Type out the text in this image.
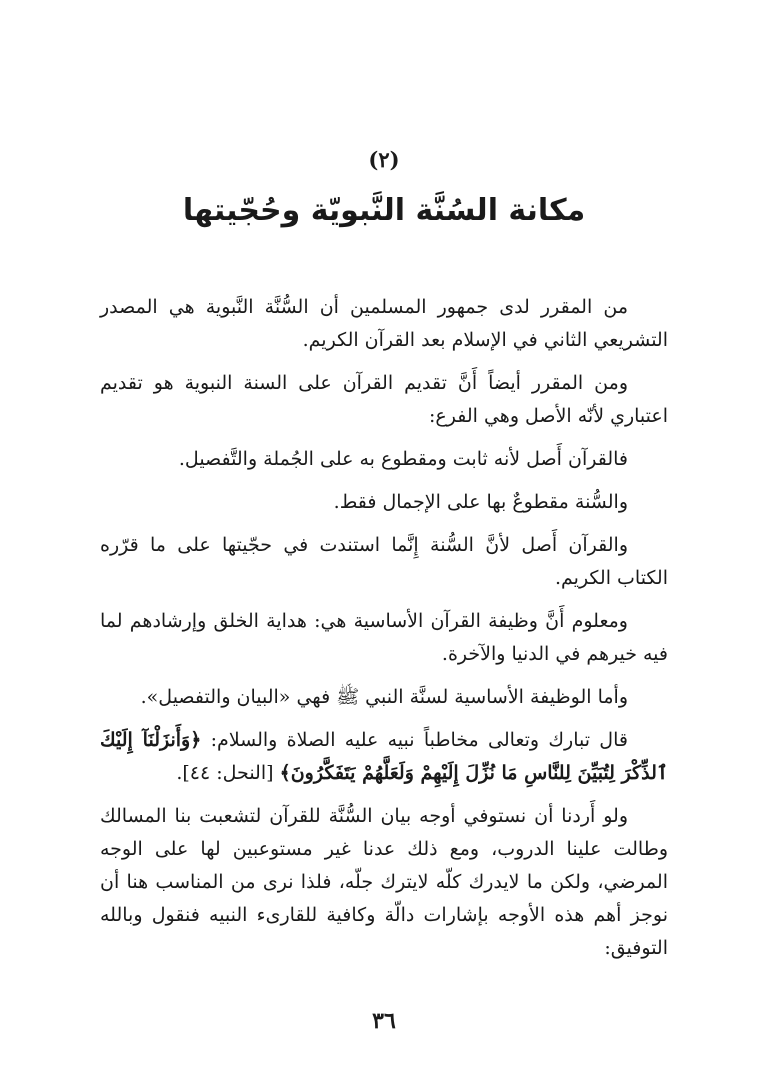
(٢)
مكانة السُنَّة النَّبويّة وحُجّيتها

من المقرر لدى جمهور المسلمين أن السُّنَّة النَّبوية هي المصدر التشريعي الثاني في الإسلام بعد القرآن الكريم.

ومن المقرر أيضاً أَنَّ تقديم القرآن على السنة النبوية هو تقديم اعتباري لأنّه الأصل وهي الفرع:

فالقرآن أَصل لأنه ثابت ومقطوع به على الجُملة والتَّفصيل.

والسُّنة مقطوعٌ بها على الإجمال فقط.

والقرآن أَصل لأنَّ السُّنة إِنَّما استندت في حجّيتها على ما قرّره الكتاب الكريم.

ومعلوم أَنَّ وظيفة القرآن الأساسية هي: هداية الخلق وإرشادهم لما فيه خيرهم في الدنيا والآخرة.

وأما الوظيفة الأساسية لسنَّة النبي ﷺ فهي «البيان والتفصيل».

قال تبارك وتعالى مخاطباً نبيه عليه الصلاة والسلام: ﴿وَأَنزَلْنَآ إِلَيْكَ ٱلذِّكْرَ لِتُبَيِّنَ لِلنَّاسِ مَا نُزِّلَ إِلَيْهِمْ وَلَعَلَّهُمْ يَتَفَكَّرُونَ﴾ [النحل: ٤٤].

ولو أَردنا أن نستوفي أوجه بيان السُّنَّة للقرآن لتشعبت بنا المسالك وطالت علينا الدروب، ومع ذلك عدنا غير مستوعبين لها على الوجه المرضي، ولكن ما لايدرك كلّه لايترك جلّه، فلذا نرى من المناسب هنا أن نوجز أهم هذه الأوجه بإشارات دالّة وكافية للقارىء النبيه فنقول وبالله التوفيق:

٣٦
